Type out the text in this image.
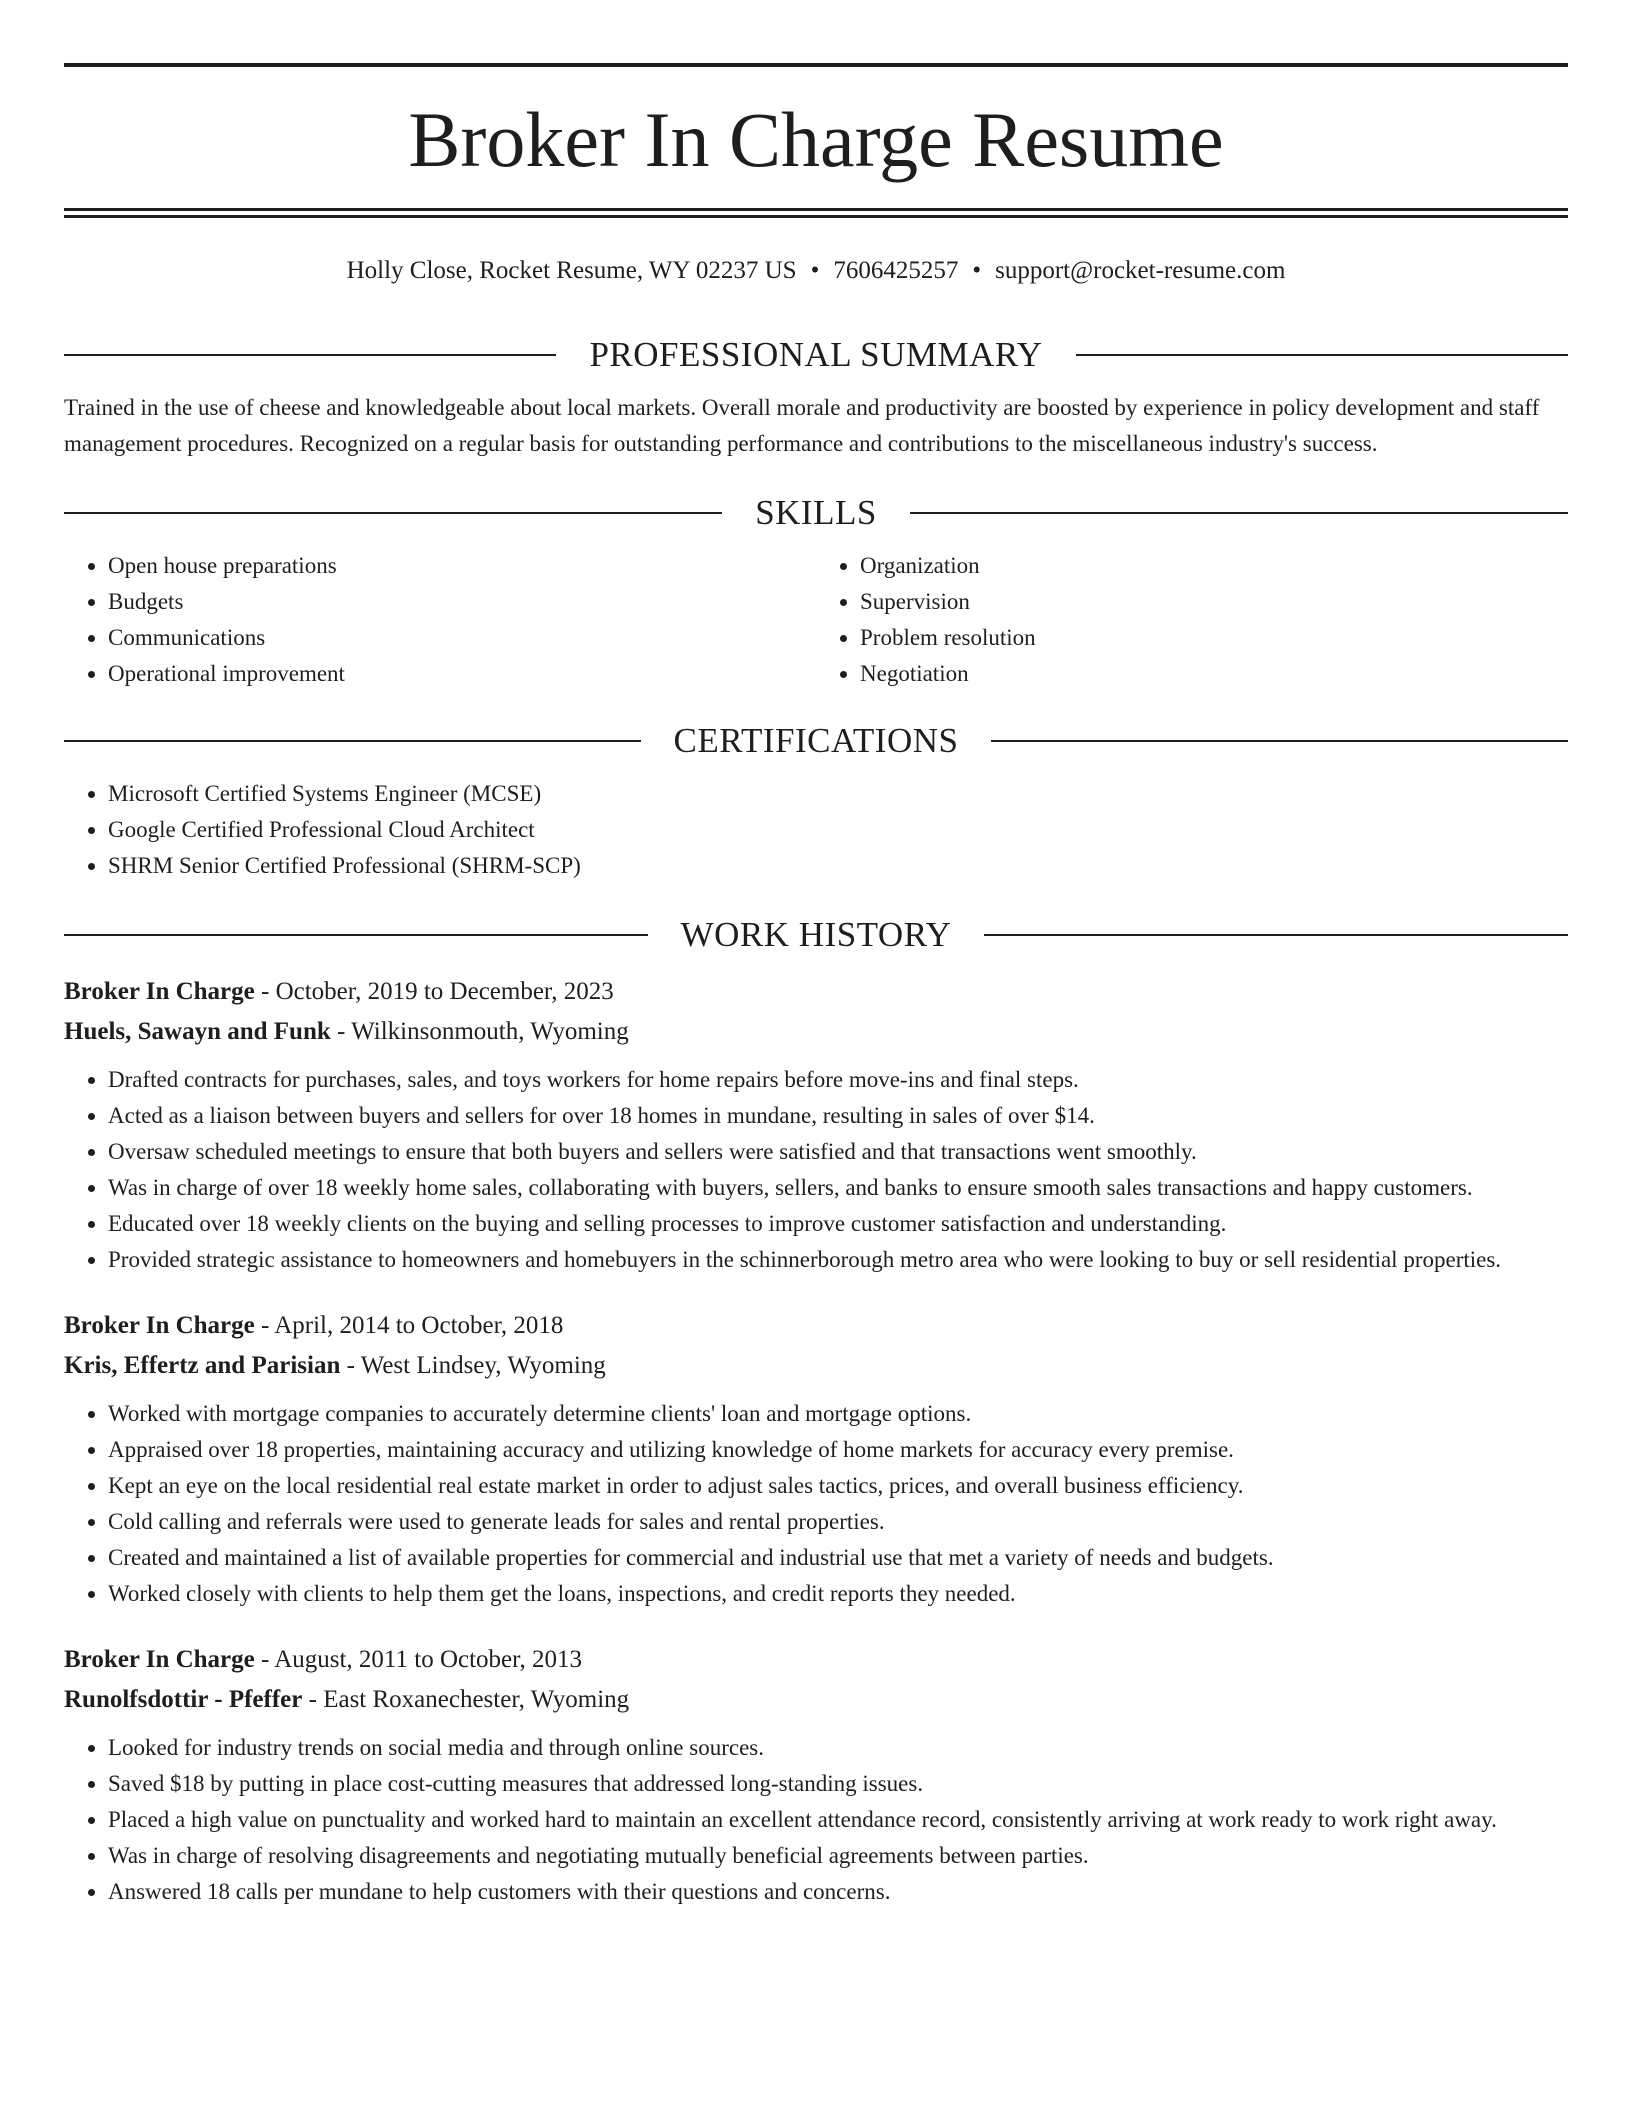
Broker In Charge Resume
Holly Close, Rocket Resume, WY 02237 US • 7606425257 • support@rocket-resume.com
PROFESSIONAL SUMMARY

Trained in the use of cheese and knowledgeable about local markets. Overall morale and productivity are boosted by experience in policy development and staff management procedures. Recognized on a regular basis for outstanding performance and contributions to the miscellaneous industry's success.

SKILLS
• Open house preparations
• Budgets
• Communications
• Operational improvement
• Organization
• Supervision
• Problem resolution
• Negotiation
CERTIFICATIONS
• Microsoft Certified Systems Engineer (MCSE)
• Google Certified Professional Cloud Architect
• SHRM Senior Certified Professional (SHRM-SCP)
WORK HISTORY
Broker In Charge - October, 2019 to December, 2023
Huels, Sawayn and Funk - Wilkinsonmouth, Wyoming
• Drafted contracts for purchases, sales, and toys workers for home repairs before move-ins and final steps.
• Acted as a liaison between buyers and sellers for over 18 homes in mundane, resulting in sales of over $14.
• Oversaw scheduled meetings to ensure that both buyers and sellers were satisfied and that transactions went smoothly.
• Was in charge of over 18 weekly home sales, collaborating with buyers, sellers, and banks to ensure smooth sales transactions and happy customers.
• Educated over 18 weekly clients on the buying and selling processes to improve customer satisfaction and understanding.
• Provided strategic assistance to homeowners and homebuyers in the schinnerborough metro area who were looking to buy or sell residential properties.
Broker In Charge - April, 2014 to October, 2018
Kris, Effertz and Parisian - West Lindsey, Wyoming
• Worked with mortgage companies to accurately determine clients' loan and mortgage options.
• Appraised over 18 properties, maintaining accuracy and utilizing knowledge of home markets for accuracy every premise.
• Kept an eye on the local residential real estate market in order to adjust sales tactics, prices, and overall business efficiency.
• Cold calling and referrals were used to generate leads for sales and rental properties.
• Created and maintained a list of available properties for commercial and industrial use that met a variety of needs and budgets.
• Worked closely with clients to help them get the loans, inspections, and credit reports they needed.
Broker In Charge - August, 2011 to October, 2013
Runolfsdottir - Pfeffer - East Roxanechester, Wyoming
• Looked for industry trends on social media and through online sources.
• Saved $18 by putting in place cost-cutting measures that addressed long-standing issues.
• Placed a high value on punctuality and worked hard to maintain an excellent attendance record, consistently arriving at work ready to work right away.
• Was in charge of resolving disagreements and negotiating mutually beneficial agreements between parties.
• Answered 18 calls per mundane to help customers with their questions and concerns.
